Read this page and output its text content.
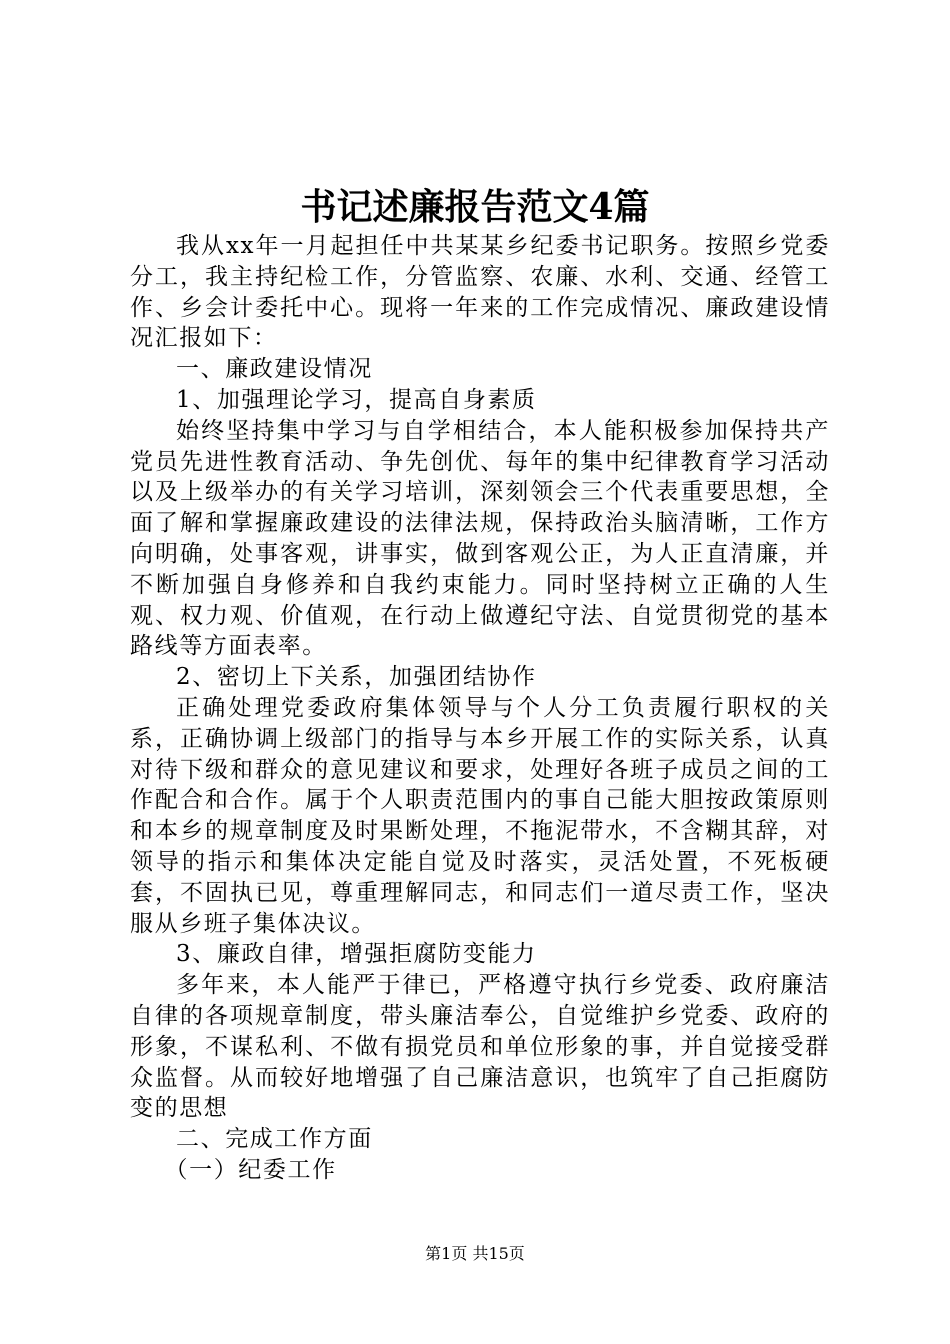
书记述廉报告范文4篇

我从xx年一月起担任中共某某乡纪委书记职务。按照乡党委分工，我主持纪检工作，分管监察、农廉、水利、交通、经管工作、乡会计委托中心。现将一年来的工作完成情况、廉政建设情况汇报如下：

一、廉政建设情况

1、加强理论学习，提高自身素质

始终坚持集中学习与自学相结合，本人能积极参加保持共产党员先进性教育活动、争先创优、每年的集中纪律教育学习活动以及上级举办的有关学习培训，深刻领会三个代表重要思想，全面了解和掌握廉政建设的法律法规，保持政治头脑清晰，工作方向明确，处事客观，讲事实，做到客观公正，为人正直清廉，并不断加强自身修养和自我约束能力。同时坚持树立正确的人生观、权力观、价值观，在行动上做遵纪守法、自觉贯彻党的基本路线等方面表率。

2、密切上下关系，加强团结协作

正确处理党委政府集体领导与个人分工负责履行职权的关系，正确协调上级部门的指导与本乡开展工作的实际关系，认真对待下级和群众的意见建议和要求，处理好各班子成员之间的工作配合和合作。属于个人职责范围内的事自己能大胆按政策原则和本乡的规章制度及时果断处理，不拖泥带水，不含糊其辞，对领导的指示和集体决定能自觉及时落实，灵活处置，不死板硬套，不固执已见，尊重理解同志，和同志们一道尽责工作，坚决服从乡班子集体决议。

3、廉政自律，增强拒腐防变能力

多年来，本人能严于律已，严格遵守执行乡党委、政府廉洁自律的各项规章制度，带头廉洁奉公，自觉维护乡党委、政府的形象，不谋私利、不做有损党员和单位形象的事，并自觉接受群众监督。从而较好地增强了自己廉洁意识，也筑牢了自己拒腐防变的思想

二、完成工作方面

（一）纪委工作

第1页 共15页
